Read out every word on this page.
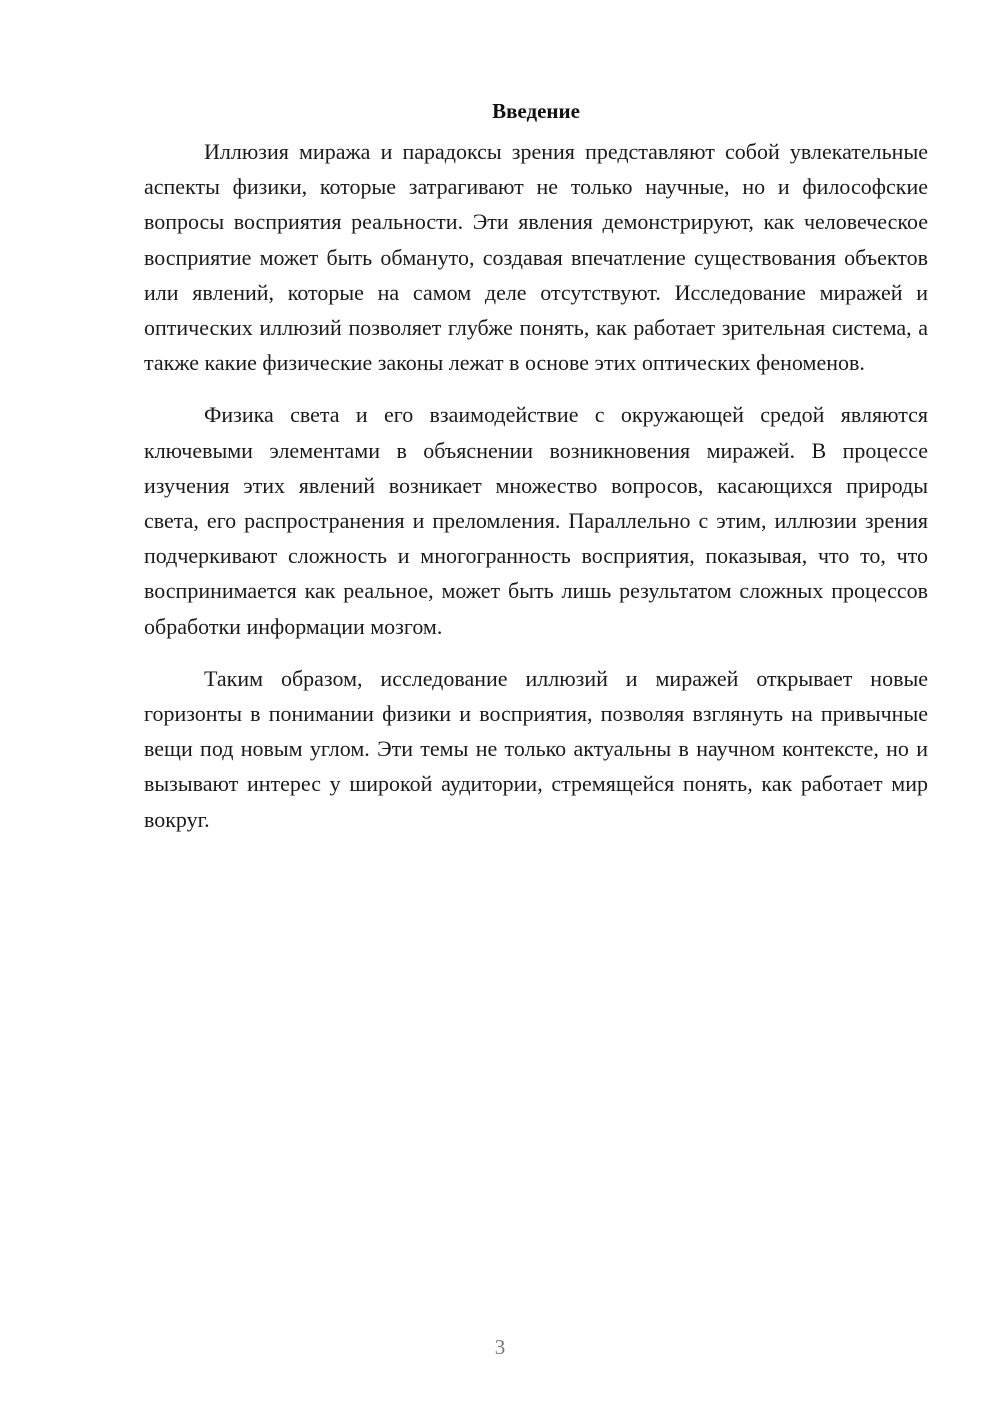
Введение

Иллюзия миража и парадоксы зрения представляют собой увлекательные аспекты физики, которые затрагивают не только научные, но и философские вопросы восприятия реальности. Эти явления демонстрируют, как человеческое восприятие может быть обмануто, создавая впечатление существования объектов или явлений, которые на самом деле отсутствуют. Исследование миражей и оптических иллюзий позволяет глубже понять, как работает зрительная система, а также какие физические законы лежат в основе этих оптических феноменов.

Физика света и его взаимодействие с окружающей средой являются ключевыми элементами в объяснении возникновения миражей. В процессе изучения этих явлений возникает множество вопросов, касающихся природы света, его распространения и преломления. Параллельно с этим, иллюзии зрения подчеркивают сложность и многогранность восприятия, показывая, что то, что воспринимается как реальное, может быть лишь результатом сложных процессов обработки информации мозгом.

Таким образом, исследование иллюзий и миражей открывает новые горизонты в понимании физики и восприятия, позволяя взглянуть на привычные вещи под новым углом. Эти темы не только актуальны в научном контексте, но и вызывают интерес у широкой аудитории, стремящейся понять, как работает мир вокруг.

3
